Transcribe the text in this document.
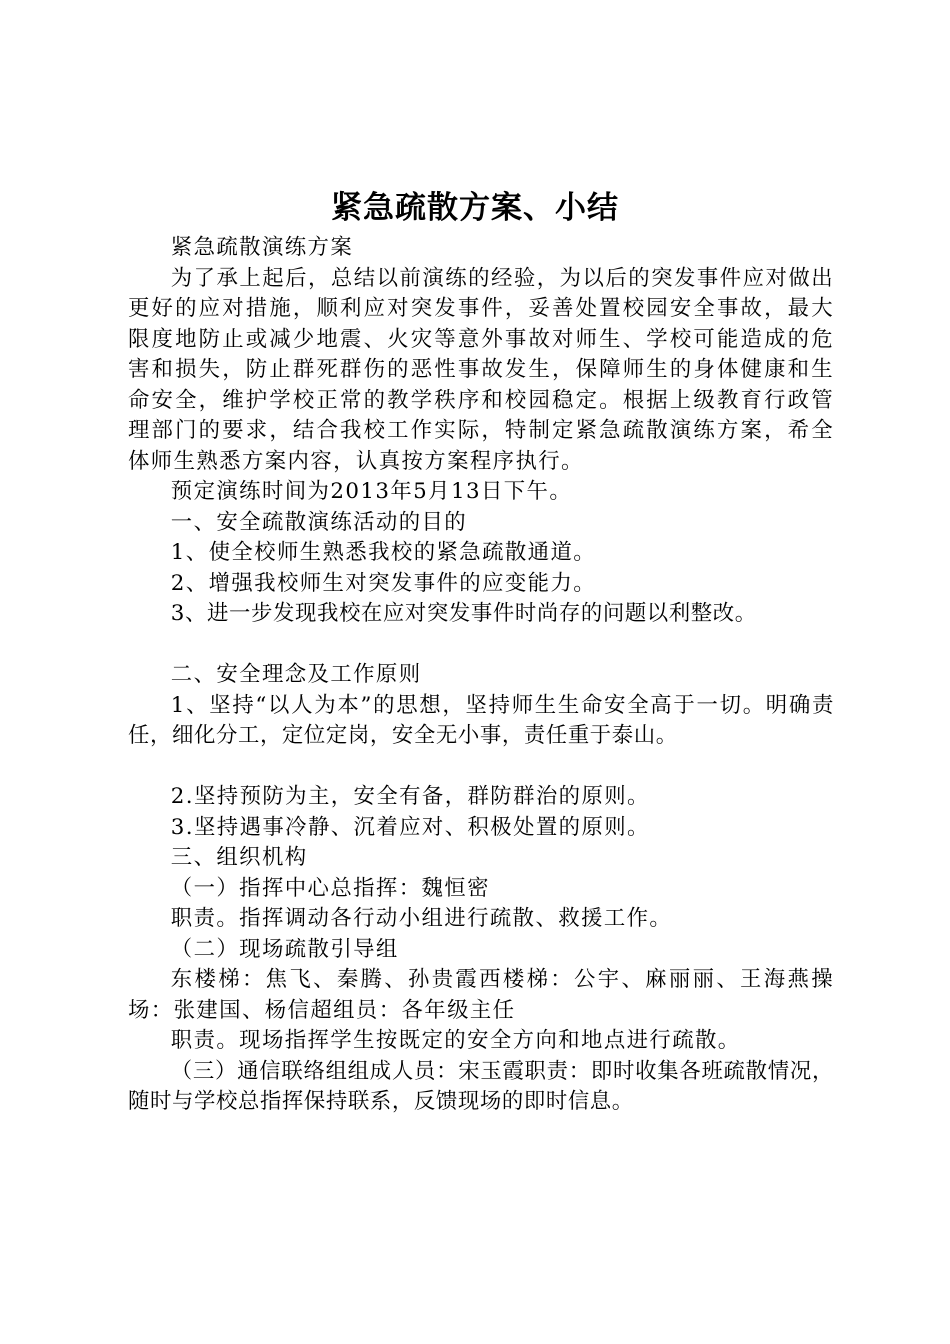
紧急疏散方案、小结

紧急疏散演练方案

为了承上起后，总结以前演练的经验，为以后的突发事件应对做出更好的应对措施，顺利应对突发事件，妥善处置校园安全事故，最大限度地防止或减少地震、火灾等意外事故对师生、学校可能造成的危害和损失，防止群死群伤的恶性事故发生，保障师生的身体健康和生命安全，维护学校正常的教学秩序和校园稳定。根据上级教育行政管理部门的要求，结合我校工作实际，特制定紧急疏散演练方案，希全体师生熟悉方案内容，认真按方案程序执行。

预定演练时间为2013年5月13日下午。

一、安全疏散演练活动的目的

1、使全校师生熟悉我校的紧急疏散通道。

2、增强我校师生对突发事件的应变能力。

3、进一步发现我校在应对突发事件时尚存的问题以利整改。

二、安全理念及工作原则

1、坚持“以人为本”的思想，坚持师生生命安全高于一切。明确责任，细化分工，定位定岗，安全无小事，责任重于泰山。

2.坚持预防为主，安全有备，群防群治的原则。

3.坚持遇事冷静、沉着应对、积极处置的原则。

三、组织机构

（一）指挥中心总指挥：魏恒密

职责。指挥调动各行动小组进行疏散、救援工作。

（二）现场疏散引导组

东楼梯：焦飞、秦腾、孙贵霞西楼梯：公宇、麻丽丽、王海燕操场：张建国、杨信超组员：各年级主任

职责。现场指挥学生按既定的安全方向和地点进行疏散。

（三）通信联络组组成人员：宋玉霞职责：即时收集各班疏散情况，随时与学校总指挥保持联系，反馈现场的即时信息。
